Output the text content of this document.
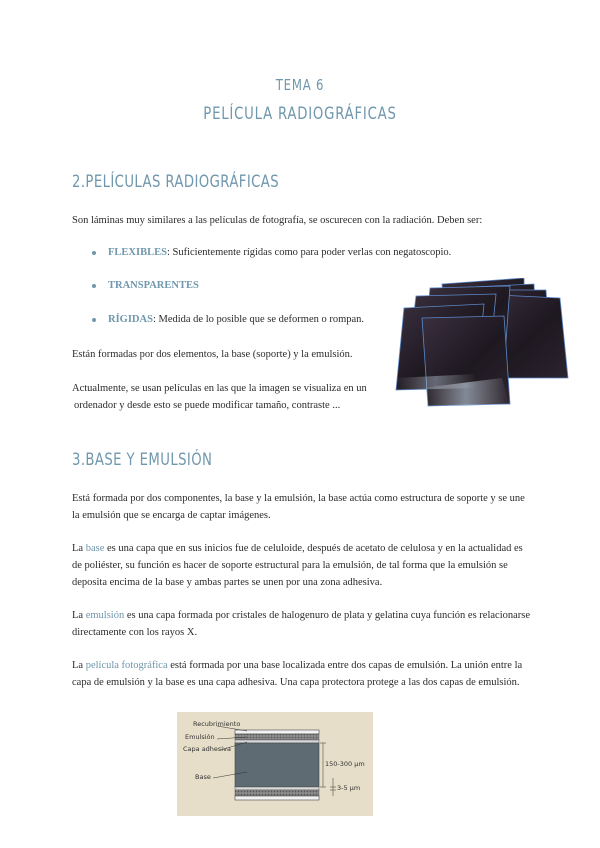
TEMA 6
PELÍCULA RADIOGRÁFICAS
2.PELÍCULAS RADIOGRÁFICAS

Son láminas muy similares a las películas de fotografía, se oscurecen con la radiación. Deben ser:

FLEXIBLES: Suficientemente rígidas como para poder verlas con negatoscopio.

TRANSPARENTES

RÍGIDAS: Medida de lo posible que se deformen o rompan.

Están formadas por dos elementos, la base (soporte) y la emulsión.

Actualmente, se usan películas en las que la imagen se visualiza en un

ordenador y desde esto se puede modificar tamaño, contraste ...

3.BASE Y EMULSIÓN

Está formada por dos componentes, la base y la emulsión, la base actúa como estructura de soporte y se une la emulsión que se encarga de captar imágenes.

La base es una capa que en sus inicios fue de celuloide, después de acetato de celulosa y en la actualidad es de poliéster, su función es hacer de soporte estructural para la emulsión, de tal forma que la emulsión se deposita encima de la base y ambas partes se unen por una zona adhesiva.

La emulsión es una capa formada por cristales de halogenuro de plata y gelatina cuya función es relacionarse directamente con los rayos X.

La película fotográfica está formada por una base localizada entre dos capas de emulsión. La unión entre la capa de emulsión y la base es una capa adhesiva. Una capa protectora protege a las dos capas de emulsión.

Recubrimiento
Emulsión
Capa adhesiva
Base
150-300 µm
3-5 µm
